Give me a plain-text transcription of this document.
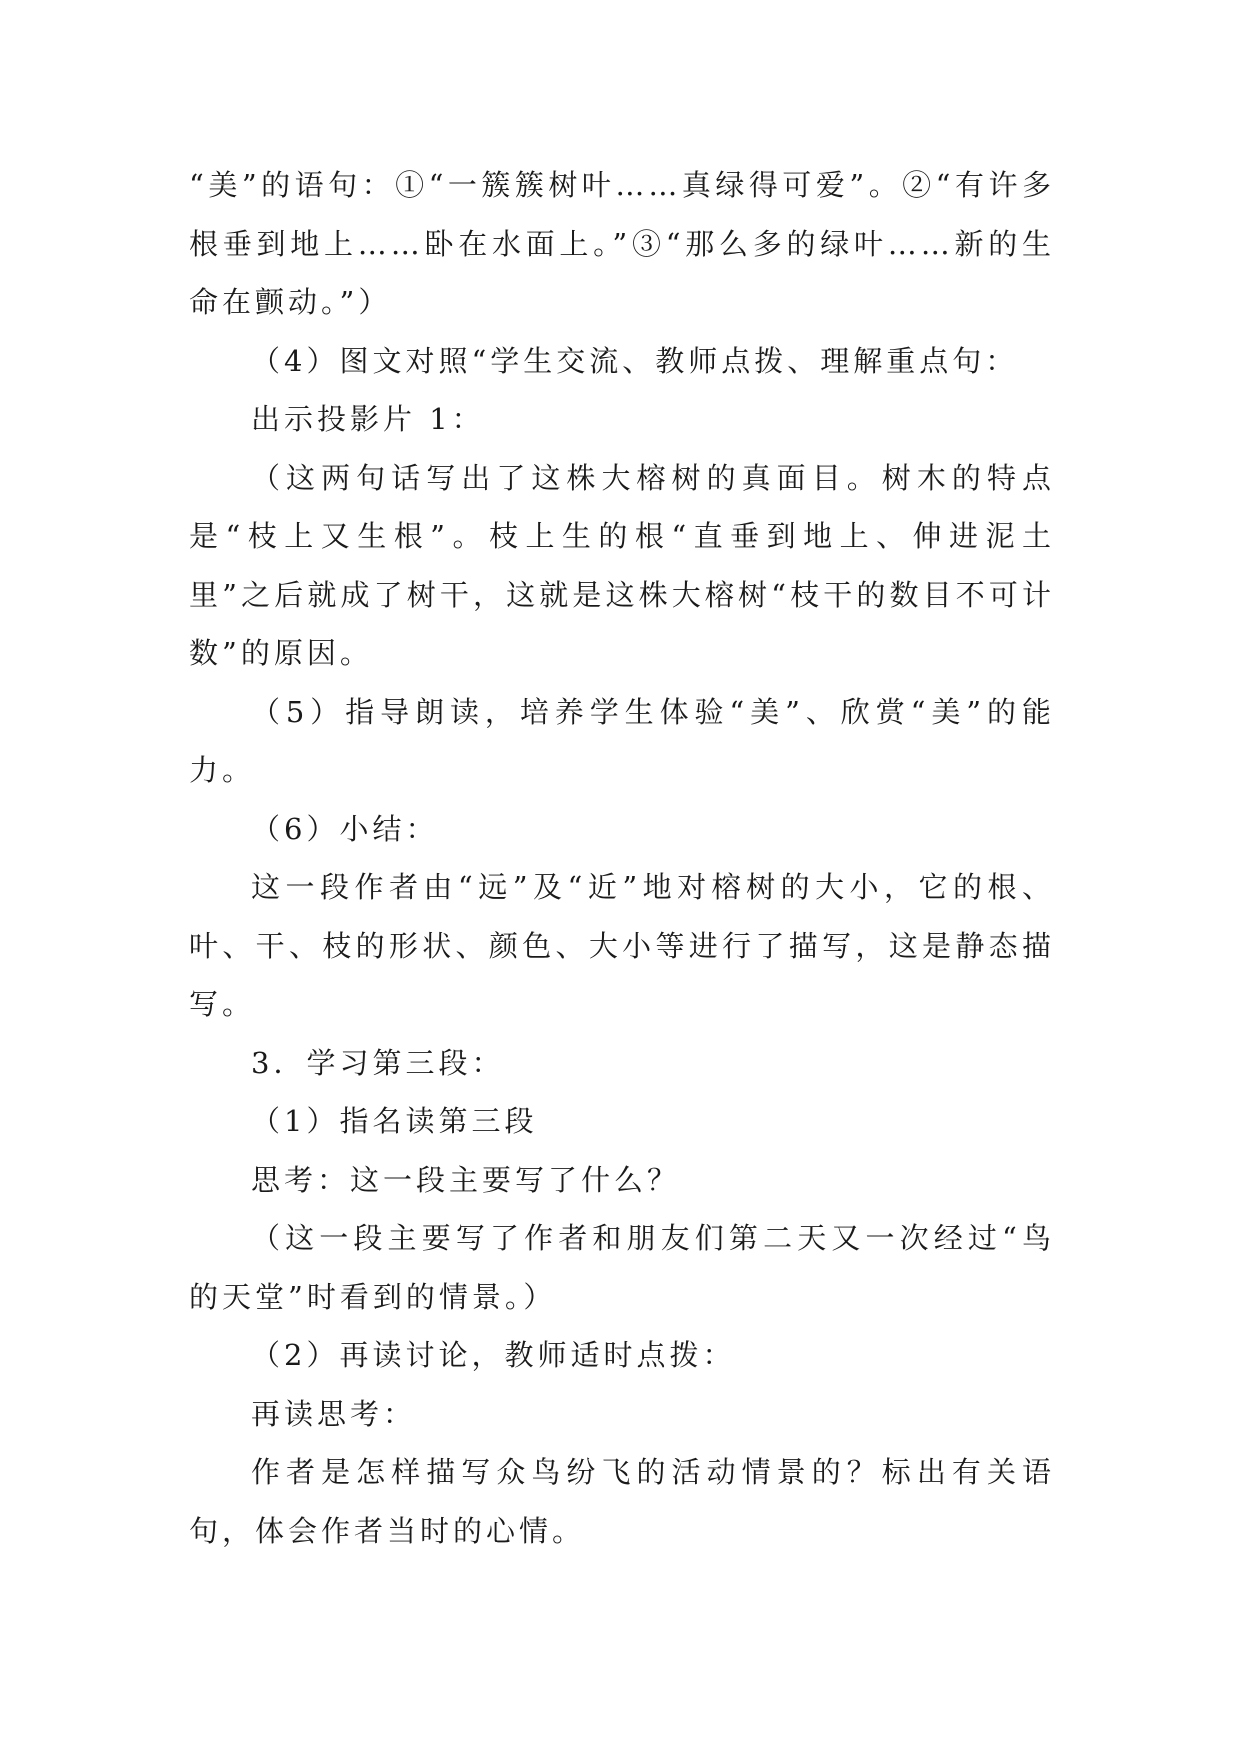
“美”的语句：①“一簇簇树叶……真绿得可爱”。②“有许多根垂到地上……卧在水面上。”③“那么多的绿叶……新的生命在颤动。”）

（4）图文对照“学生交流、教师点拨、理解重点句：

出示投影片 1：

（这两句话写出了这株大榕树的真面目。树木的特点是“枝上又生根”。枝上生的根“直垂到地上、伸进泥土里”之后就成了树干，这就是这株大榕树“枝干的数目不可计数”的原因。

（5）指导朗读，培养学生体验“美”、欣赏“美”的能力。

（6）小结：

这一段作者由“远”及“近”地对榕树的大小，它的根、叶、干、枝的形状、颜色、大小等进行了描写，这是静态描写。

3．学习第三段：

（1）指名读第三段

思考：这一段主要写了什么？

（这一段主要写了作者和朋友们第二天又一次经过“鸟的天堂”时看到的情景。）

（2）再读讨论，教师适时点拨：

再读思考：

作者是怎样描写众鸟纷飞的活动情景的？标出有关语句，体会作者当时的心情。
